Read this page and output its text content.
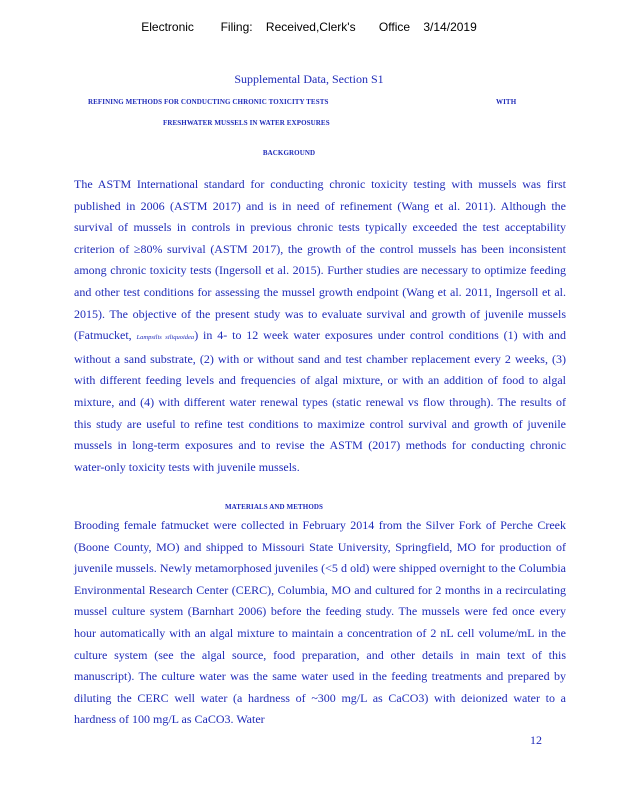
Electronic        Filing:    Received,Clerk's       Office    3/14/2019
Supplemental Data, Section S1
REFINING METHODS FOR CONDUCTING CHRONIC TOXICITY TESTS	WITH
FRESHWATER MUSSELS IN WATER EXPOSURES
BACKGROUND

The ASTM International standard for conducting chronic toxicity testing with mussels was first published in 2006 (ASTM 2017) and is in need of refinement (Wang et al. 2011). Although the survival of mussels in controls in previous chronic tests typically exceeded the test acceptability criterion of ≥80% survival (ASTM 2017), the growth of the control mussels has been inconsistent among chronic toxicity tests (Ingersoll et al. 2015). Further studies are necessary to optimize feeding and other test conditions for assessing the mussel growth endpoint (Wang et al. 2011, Ingersoll et al. 2015). The objective of the present study was to evaluate survival and growth of juvenile mussels (Fatmucket, Lampsilis siliquoidea) in 4- to 12 week water exposures under control conditions (1) with and without a sand substrate, (2) with or without sand and test chamber replacement every 2 weeks, (3) with different feeding levels and frequencies of algal mixture, or with an addition of food to algal mixture, and (4) with different water renewal types (static renewal vs flow through). The results of this study are useful to refine test conditions to maximize control survival and growth of juvenile mussels in long-term exposures and to revise the ASTM (2017) methods for conducting chronic water-only toxicity tests with juvenile mussels.

MATERIALS AND METHODS

Brooding female fatmucket were collected in February 2014 from the Silver Fork of Perche Creek (Boone County, MO) and shipped to Missouri State University, Springfield, MO for production of juvenile mussels. Newly metamorphosed juveniles (<5 d old) were shipped overnight to the Columbia Environmental Research Center (CERC), Columbia, MO and cultured for 2 months in a recirculating mussel culture system (Barnhart 2006) before the feeding study. The mussels were fed once every hour automatically with an algal mixture to maintain a concentration of 2 nL cell volume/mL in the culture system (see the algal source, food preparation, and other details in main text of this manuscript). The culture water was the same water used in the feeding treatments and prepared by diluting the CERC well water (a hardness of ~300 mg/L as CaCO3) with deionized water to a hardness of 100 mg/L as CaCO3. Water

12
